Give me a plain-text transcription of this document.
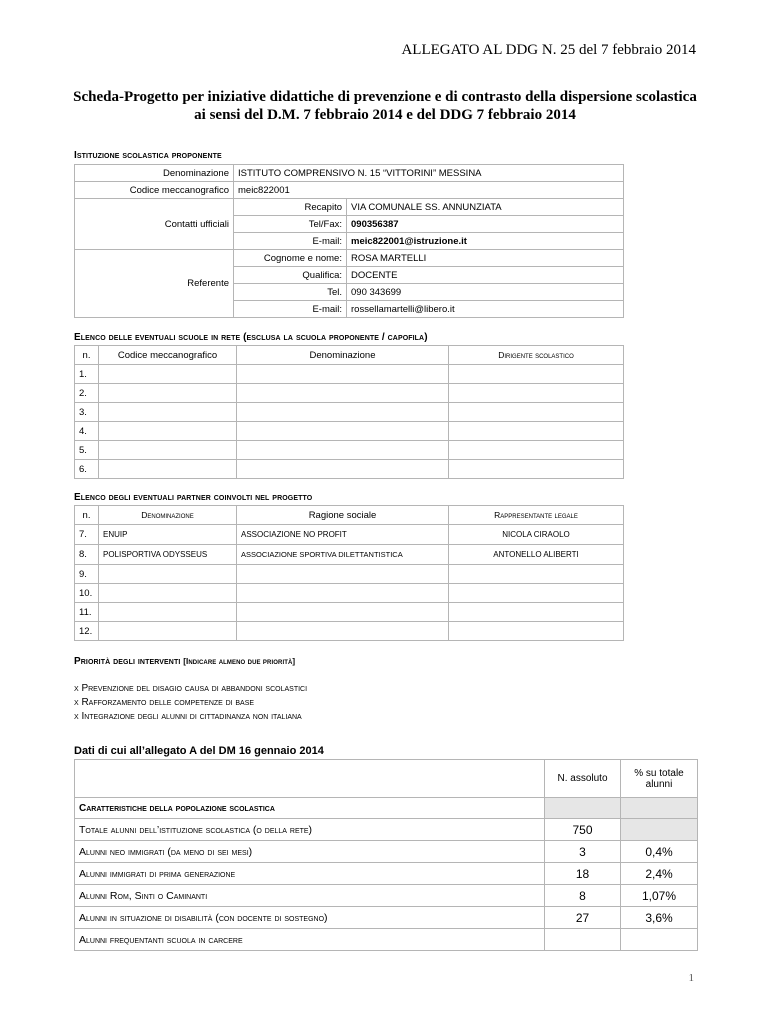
ALLEGATO AL DDG N. 25 del 7 febbraio 2014
Scheda-Progetto per iniziative didattiche di prevenzione e di contrasto della dispersione scolastica
ai sensi del D.M. 7 febbraio 2014 e del DDG 7 febbraio 2014
Istituzione scolastica proponente
Denominazione	ISTITUTO COMPRENSIVO N. 15 “VITTORINI” MESSINA	
Codice meccanografico	meic822001	
Contatti ufficiali	Recapito	VIA COMUNALE SS. ANNUNZIATA
	Tel/Fax:	090356387
	E-mail:	meic822001@istruzione.it
Referente	Cognome e nome:	ROSA MARTELLI
	Qualifica:	DOCENTE
	Tel.	090 343699
	E-mail:	rossellamartelli@libero.it
Elenco delle eventuali scuole in rete (esclusa la scuola proponente / capofila)
n.	Codice meccanografico	Denominazione	Dirigente scolastico
1.			
2.			
3.			
4.			
5.			
6.			
Elenco degli eventuali partner coinvolti nel progetto
n.	Denominazione	Ragione sociale	Rappresentante legale
7.	ENUIP	ASSOCIAZIONE NO PROFIT	NICOLA CIRAOLO
8.	POLISPORTIVA ODYSSEUS	ASSOCIAZIONE SPORTIVA DILETTANTISTICA	ANTONELLO ALIBERTI
9.			
10.			
11.			
12.			
Priorità degli interventi [Indicare almeno due priorità]
x Prevenzione del disagio causa di abbandoni scolastici
x Rafforzamento delle competenze di base
x Integrazione degli alunni di cittadinanza non italiana
Dati di cui all’allegato A del DM 16 gennaio 2014
	N. assoluto	% su totale alunni
Caratteristiche della popolazione scolastica		
Totale alunni dell’istituzione scolastica (o della rete)	750	
Alunni neo immigrati (da meno di sei mesi)	3	0,4%
Alunni immigrati di prima generazione	18	2,4%
Alunni Rom, Sinti o Caminanti	8	1,07%
Alunni in situazione di disabilità (con docente di sostegno)	27	3,6%
Alunni frequentanti scuola in carcere		
1
